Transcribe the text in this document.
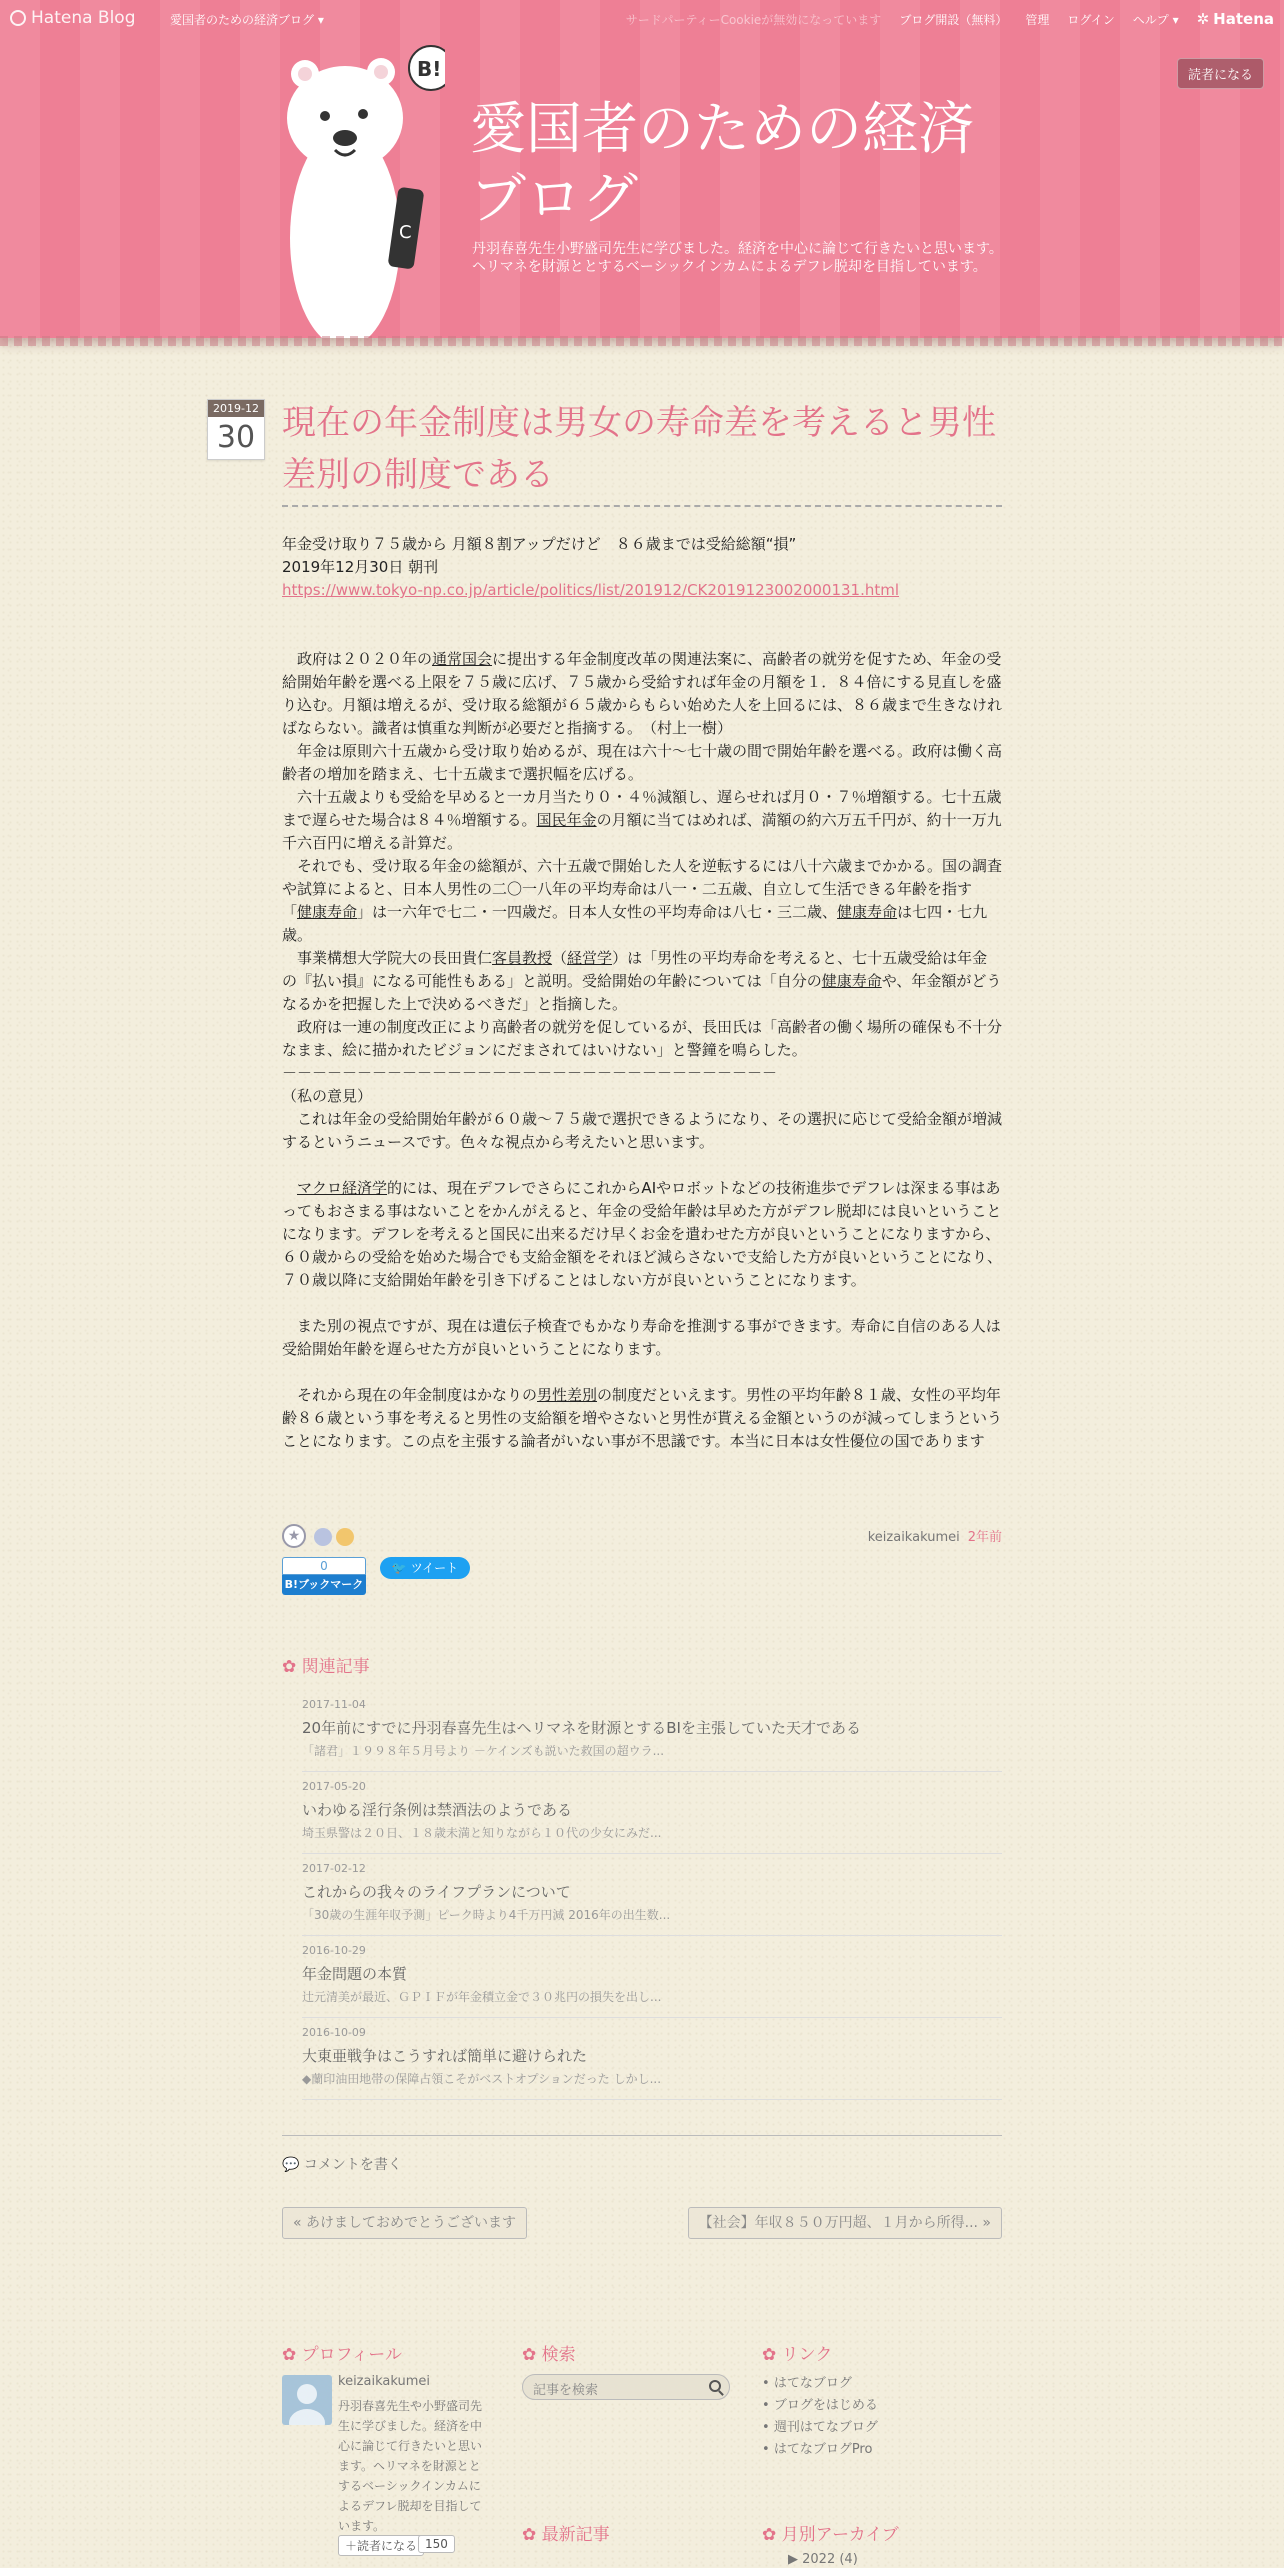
Hatena Blog	愛国者のための経済ブログ ▾	サードパーティーCookieが無効になっています ブログ開設（無料） 管理 ログイン ヘルプ ▾ ✲ Hatena
読者になる
C
B!
愛国者のための経済ブログ
丹羽春喜先生小野盛司先生に学びました。経済を中心に論じて行きたいと思います。ヘリマネを財源ととするベーシックインカムによるデフレ脱却を目指しています。
2019-12
30 現在の年金制度は男女の寿命差を考えると男性差別の制度である

年金受け取り７５歳から 月額８割アップだけど　８６歳までは受給総額“損”

2019年12月30日 朝刊

https://www.tokyo-np.co.jp/article/politics/list/201912/CK2019123002000131.html

　政府は２０２０年の通常国会に提出する年金制度改革の関連法案に、高齢者の就労を促すため、年金の受給開始年齢を選べる上限を７５歳に広げ、７５歳から受給すれば年金の月額を１．８４倍にする見直しを盛り込む。月額は増えるが、受け取る総額が６５歳からもらい始めた人を上回るには、８６歳まで生きなければならない。識者は慎重な判断が必要だと指摘する。　（村上一樹）

　年金は原則六十五歳から受け取り始めるが、現在は六十～七十歳の間で開始年齢を選べる。政府は働く高齢者の増加を踏まえ、七十五歳まで選択幅を広げる。

　六十五歳よりも受給を早めると一カ月当たり０・４％減額し、遅らせれば月０・７％増額する。七十五歳まで遅らせた場合は８４％増額する。国民年金の月額に当てはめれば、満額の約六万五千円が、約十一万九千六百円に増える計算だ。

　それでも、受け取る年金の総額が、六十五歳で開始した人を逆転するには八十六歳までかかる。国の調査や試算によると、日本人男性の二〇一八年の平均寿命は八一・二五歳、自立して生活できる年齢を指す「健康寿命」は一六年で七二・一四歳だ。日本人女性の平均寿命は八七・三二歳、健康寿命は七四・七九歳。

　事業構想大学院大の長田貴仁客員教授（経営学）は「男性の平均寿命を考えると、七十五歳受給は年金の『払い損』になる可能性もある」と説明。受給開始の年齢については「自分の健康寿命や、年金額がどうなるかを把握した上で決めるべきだ」と指摘した。

　政府は一連の制度改正により高齢者の就労を促しているが、長田氏は「高齢者の働く場所の確保も不十分なまま、絵に描かれたビジョンにだまされてはいけない」と警鐘を鳴らした。

－－－－－－－－－－－－－－－－－－－－－－－－－－－－－－－－－

（私の意見）

　これは年金の受給開始年齢が６０歳〜７５歳で選択できるようになり、その選択に応じて受給金額が増減するというニュースです。色々な視点から考えたいと思います。

　マクロ経済学的には、現在デフレでさらにこれからAIやロボットなどの技術進歩でデフレは深まる事はあってもおさまる事はないことをかんがえると、年金の受給年齢は早めた方がデフレ脱却には良いということになります。デフレを考えると国民に出来るだけ早くお金を遣わせた方が良いということになりますから、６０歳からの受給を始めた場合でも支給金額をそれほど減らさないで支給した方が良いということになり、７０歳以降に支給開始年齢を引き下げることはしない方が良いということになります。

　また別の視点ですが、現在は遺伝子検査でもかなり寿命を推測する事ができます。寿命に自信のある人は受給開始年齢を遅らせた方が良いということになります。

　それから現在の年金制度はかなりの男性差別の制度だといえます。男性の平均年齢８１歳、女性の平均年齢８６歳という事を考えると男性の支給額を増やさないと男性が貰える金額というのが減ってしまうということになります。この点を主張する論者がいない事が不思議です。本当に日本は女性優位の国であります

★	keizaikakumei 2年前
0
B!ブックマーク
🐦 ツイート
✿ 関連記事
2017-11-04
20年前にすでに丹羽春喜先生はヘリマネを財源とするBIを主張していた天才である
「諸君」１９９８年５月号より －ケインズも説いた救国の超ウラ...
2017-05-20
いわゆる淫行条例は禁酒法のようである
埼玉県警は２０日、１８歳未満と知りながら１０代の少女にみだ...
2017-02-12
これからの我々のライフプランについて
「30歳の生涯年収予測」ピーク時より4千万円減 2016年の出生数...
2016-10-29
年金問題の本質
辻元清美が最近、ＧＰＩＦが年金積立金で３０兆円の損失を出し...
2016-10-09
大東亜戦争はこうすれば簡単に避けられた
◆蘭印油田地帯の保障占領こそがベストオプションだった しかし...
💬 コメントを書く
« あけましておめでとうございます	【社会】年収８５０万円超、１月から所得... »
✿ プロフィール
keizaikakumei
丹羽春喜先生や小野盛司先生に学びました。経済を中心に論じて行きたいと思います。ヘリマネを財源ととするベーシックインカムによるデフレ脱却を目指しています。
＋読者になる 150
✿ 検索
記事を検索
✿ リンク
• はてなブログ
• ブログをはじめる
• 週刊はてなブログ
• はてなブログPro
✿ 最新記事	✿ 月別アーカイブ
▶ 2022 (4)
